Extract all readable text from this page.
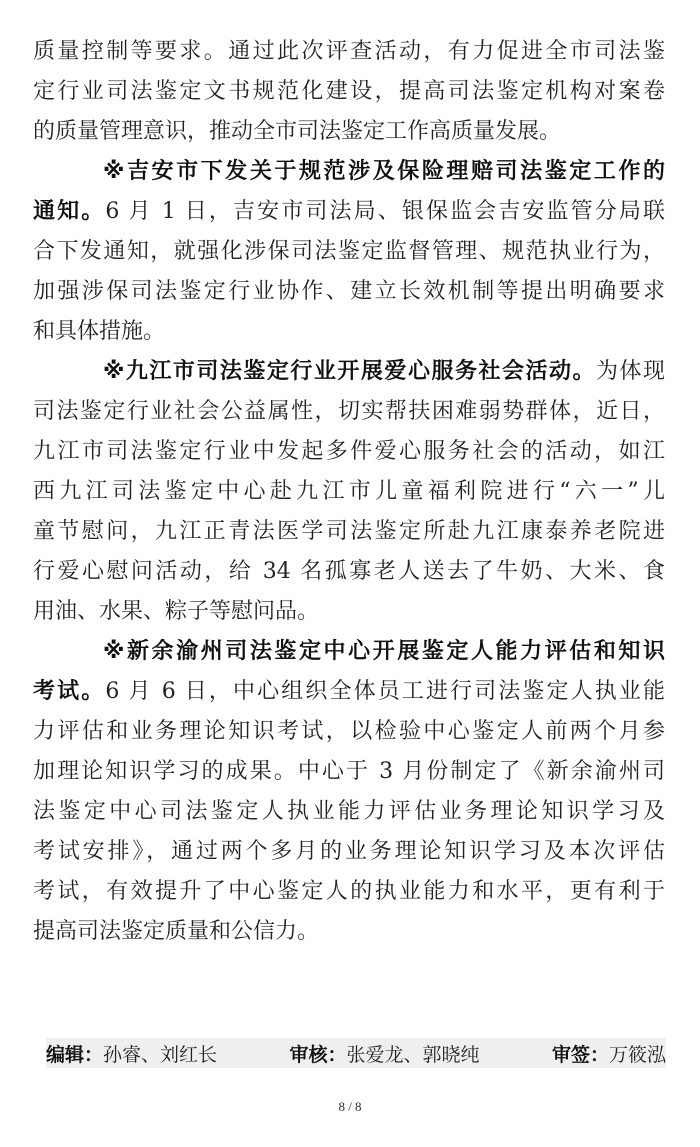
质量控制等要求。通过此次评查活动，有力促进全市司法鉴
定行业司法鉴定文书规范化建设，提高司法鉴定机构对案卷
的质量管理意识，推动全市司法鉴定工作高质量发展。
※吉安市下发关于规范涉及保险理赔司法鉴定工作的
通知。6 月 1 日，吉安市司法局、银保监会吉安监管分局联
合下发通知，就强化涉保司法鉴定监督管理、规范执业行为，
加强涉保司法鉴定行业协作、建立长效机制等提出明确要求
和具体措施。
※九江市司法鉴定行业开展爱心服务社会活动。为体现
司法鉴定行业社会公益属性，切实帮扶困难弱势群体，近日，
九江市司法鉴定行业中发起多件爱心服务社会的活动，如江
西九江司法鉴定中心赴九江市儿童福利院进行“六一”儿
童节慰问，九江正青法医学司法鉴定所赴九江康泰养老院进
行爱心慰问活动，给 34 名孤寡老人送去了牛奶、大米、食
用油、水果、粽子等慰问品。
※新余渝州司法鉴定中心开展鉴定人能力评估和知识
考试。6 月 6 日，中心组织全体员工进行司法鉴定人执业能
力评估和业务理论知识考试，以检验中心鉴定人前两个月参
加理论知识学习的成果。中心于 3 月份制定了《新余渝州司
法鉴定中心司法鉴定人执业能力评估业务理论知识学习及
考试安排》，通过两个多月的业务理论知识学习及本次评估
考试，有效提升了中心鉴定人的执业能力和水平，更有利于
提高司法鉴定质量和公信力。
编辑：孙睿、刘红长	审核：张爱龙、郭晓纯	审签：万筱泓
8 / 8
